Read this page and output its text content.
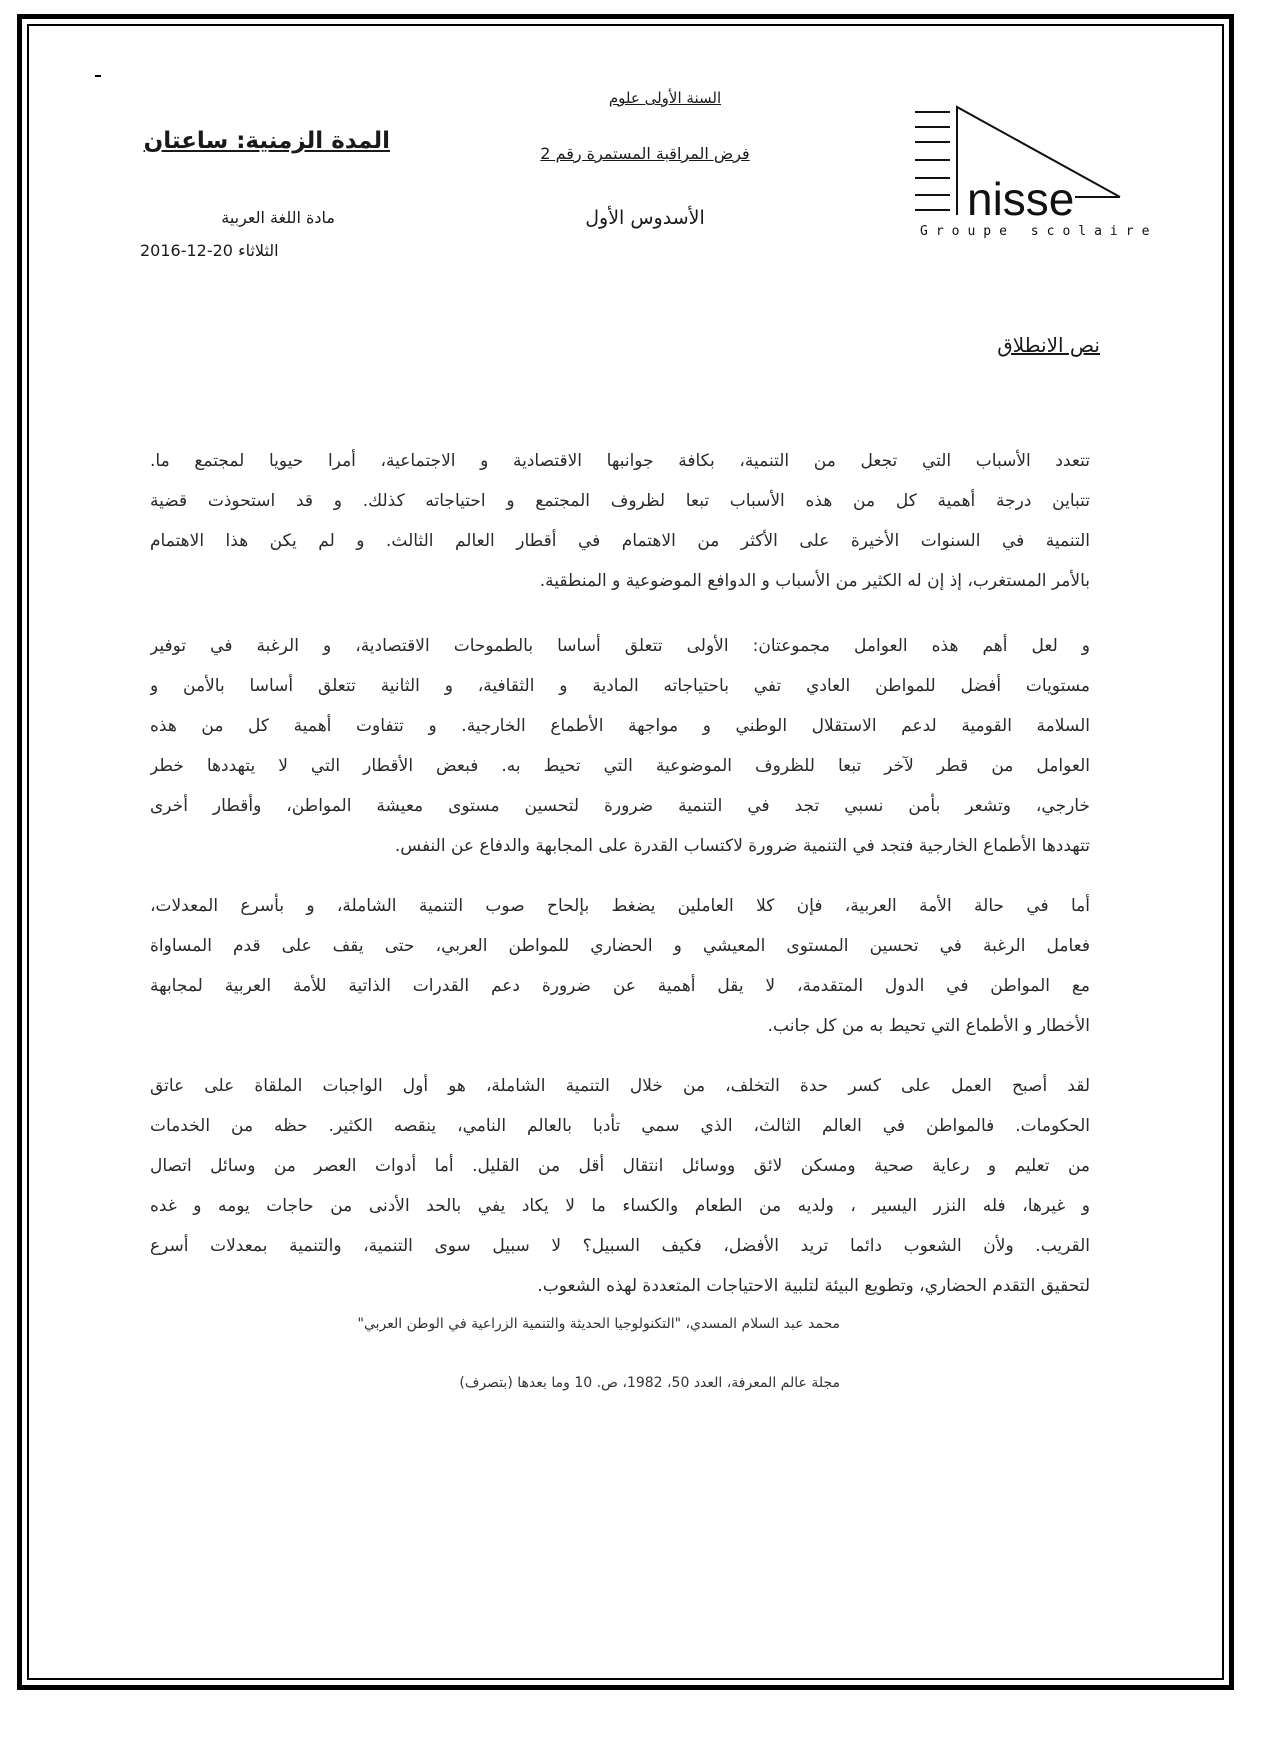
nisse
Groupe scolaire
السنة الأولى علوم
فرض المراقبة المستمرة رقم 2
الأسدوس الأول
المدة الزمنية: ساعتان
مادة اللغة العربية
2016-12-20 الثلاثاء
نص الانطلاق
تتعدد الأسباب التي تجعل من التنمية، بكافة جوانبها الاقتصادية و الاجتماعية، أمرا حيويا لمجتمع ما.
تتباين درجة أهمية كل من هذه الأسباب تبعا لظروف المجتمع و احتياجاته كذلك. و قد استحوذت قضية
التنمية في السنوات الأخيرة على الأكثر من الاهتمام في أقطار العالم الثالث. و لم يكن هذا الاهتمام
بالأمر المستغرب، إذ إن له الكثير من الأسباب و الدوافع الموضوعية و المنطقية.
و لعل أهم هذه العوامل مجموعتان: الأولى تتعلق أساسا بالطموحات الاقتصادية، و الرغبة في توفير
مستويات أفضل للمواطن العادي تفي باحتياجاته المادية و الثقافية، و الثانية تتعلق أساسا بالأمن و
السلامة القومية لدعم الاستقلال الوطني و مواجهة الأطماع الخارجية. و تتفاوت أهمية كل من هذه
العوامل من قطر لآخر تبعا للظروف الموضوعية التي تحيط به. فبعض الأقطار التي لا يتهددها خطر
خارجي، وتشعر بأمن نسبي تجد في التنمية ضرورة لتحسين مستوى معيشة المواطن، وأقطار أخرى
تتهددها الأطماع الخارجية فتجد في التنمية ضرورة لاكتساب القدرة على المجابهة والدفاع عن النفس.
أما في حالة الأمة العربية، فإن كلا العاملين يضغط بإلحاح صوب التنمية الشاملة، و بأسرع المعدلات،
فعامل الرغبة في تحسين المستوى المعيشي و الحضاري للمواطن العربي، حتى يقف على قدم المساواة
مع المواطن في الدول المتقدمة، لا يقل أهمية عن ضرورة دعم القدرات الذاتية للأمة العربية لمجابهة
الأخطار و الأطماع التي تحيط به من كل جانب.
لقد أصبح العمل على كسر حدة التخلف، من خلال التنمية الشاملة، هو أول الواجبات الملقاة على عاتق
الحكومات. فالمواطن في العالم الثالث، الذي سمي تأدبا بالعالم النامي، ينقصه الكثير. حظه من الخدمات
من تعليم و رعاية صحية ومسكن لائق ووسائل انتقال أقل من القليل. أما أدوات العصر من وسائل اتصال
و غيرها، فله النزر اليسير ، ولديه من الطعام والكساء ما لا يكاد يفي بالحد الأدنى من حاجات يومه و غده
القريب. ولأن الشعوب دائما تريد الأفضل، فكيف السبيل؟ لا سبيل سوى التنمية، والتنمية بمعدلات أسرع
لتحقيق التقدم الحضاري، وتطويع البيئة لتلبية الاحتياجات المتعددة لهذه الشعوب.
محمد عبد السلام المسدي، "التكنولوجيا الحديثة والتنمية الزراعية في الوطن العربي"
مجلة عالم المعرفة، العدد 50، 1982، ص. 10 وما بعدها (بتصرف)
